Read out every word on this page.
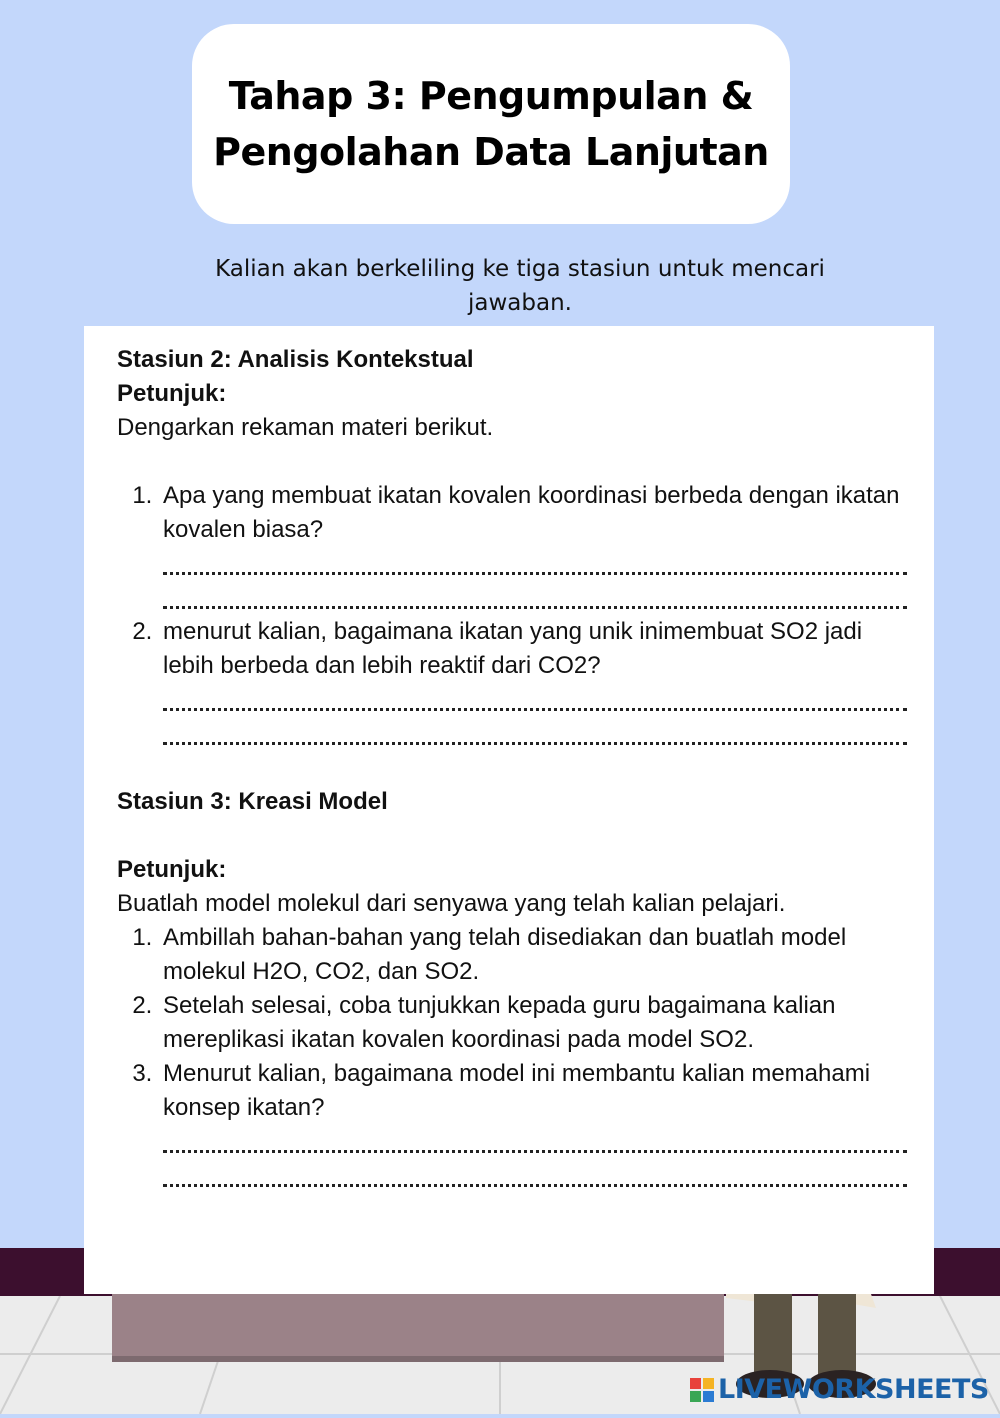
Tahap 3: Pengumpulan &
Pengolahan Data Lanjutan

Kalian akan berkeliling ke tiga stasiun untuk mencari jawaban.

Stasiun 2: Analisis Kontekstual

Petunjuk:

Dengarkan rekaman materi berikut.

1. Apa yang membuat ikatan kovalen koordinasi berbeda dengan ikatan kovalen biasa?
2. menurut kalian, bagaimana ikatan yang unik inimembuat SO2 jadi lebih berbeda dan lebih reaktif dari CO2?

Stasiun 3: Kreasi Model

Petunjuk:

Buatlah model molekul dari senyawa yang telah kalian pelajari.

1. Ambillah bahan-bahan yang telah disediakan dan buatlah model molekul H2O, CO2, dan SO2.
2. Setelah selesai, coba tunjukkan kepada guru bagaimana kalian mereplikasi ikatan kovalen koordinasi pada model SO2.
3. Menurut kalian, bagaimana model ini membantu kalian memahami konsep ikatan?
LIVEWORKSHEETS
